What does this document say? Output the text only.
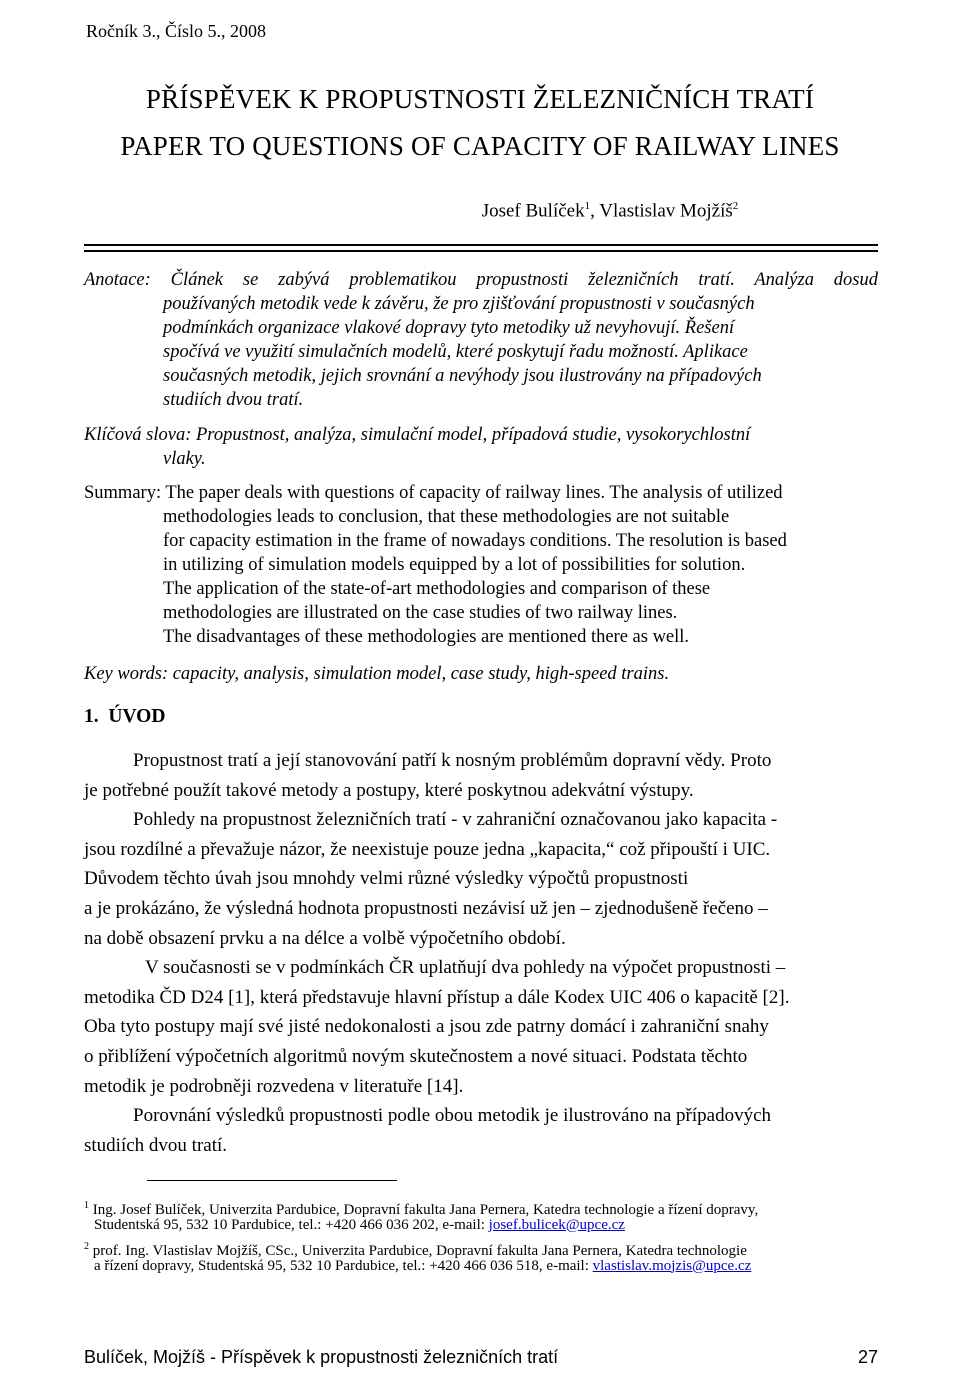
Ročník 3., Číslo 5., 2008
PŘÍSPĚVEK K PROPUSTNOSTI ŽELEZNIČNÍCH TRATÍ
PAPER TO QUESTIONS OF CAPACITY OF RAILWAY LINES
Josef Bulíček$^1$, Vlastislav Mojžíš$^2$
Anotace: Článek se zabývá problematikou propustnosti železničních tratí. Analýza dosud
používaných metodik vede k závěru, že pro zjišťování propustnosti v současných
podmínkách organizace vlakové dopravy tyto metodiky už nevyhovují. Řešení
spočívá ve využití simulačních modelů, které poskytují řadu možností. Aplikace
současných metodik, jejich srovnání a nevýhody jsou ilustrovány na případových
studiích dvou tratí.
Klíčová slova: Propustnost, analýza, simulační model, případová studie, vysokorychlostní
vlaky.
Summary: The paper deals with questions of capacity of railway lines. The analysis of utilized
methodologies leads to conclusion, that these methodologies are not suitable
for capacity estimation in the frame of nowadays conditions. The resolution is based
in utilizing of simulation models equipped by a lot of possibilities for solution.
The application of the state-of-art methodologies and comparison of these
methodologies are illustrated on the case studies of two railway lines.
The disadvantages of these methodologies are mentioned there as well.
Key words: capacity, analysis, simulation model, case study, high-speed trains.
1. ÚVOD
Propustnost tratí a její stanovování patří k nosným problémům dopravní vědy. Proto
je potřebné použít takové metody a postupy, které poskytnou adekvátní výstupy.
Pohledy na propustnost železničních tratí - v zahraniční označovanou jako kapacita -
jsou rozdílné a převažuje názor, že neexistuje pouze jedna „kapacita,“ což připouští i UIC.
Důvodem těchto úvah jsou mnohdy velmi různé výsledky výpočtů propustnosti
a je prokázáno, že výsledná hodnota propustnosti nezávisí už jen – zjednodušeně řečeno –
na době obsazení prvku a na délce a volbě výpočetního období.
V současnosti se v podmínkách ČR uplatňují dva pohledy na výpočet propustnosti –
metodika ČD D24 [1], která představuje hlavní přístup a dále Kodex UIC 406 o kapacitě [2].
Oba tyto postupy mají své jisté nedokonalosti a jsou zde patrny domácí i zahraniční snahy
o přiblížení výpočetních algoritmů novým skutečnostem a nové situaci. Podstata těchto
metodik je podrobněji rozvedena v literatuře [14].
Porovnání výsledků propustnosti podle obou metodik je ilustrováno na případových
studiích dvou tratí.
$^1$ Ing. Josef Bulíček, Univerzita Pardubice, Dopravní fakulta Jana Pernera, Katedra technologie a řízení dopravy,
Studentská 95, 532 10 Pardubice, tel.: +420 466 036 202, e-mail: josef.bulicek@upce.cz
$^2$ prof. Ing. Vlastislav Mojžíš, CSc., Univerzita Pardubice, Dopravní fakulta Jana Pernera, Katedra technologie
a řízení dopravy, Studentská 95, 532 10 Pardubice, tel.: +420 466 036 518, e-mail: vlastislav.mojzis@upce.cz
Bulíček, Mojžíš - Příspěvek k propustnosti železničních tratí	27
